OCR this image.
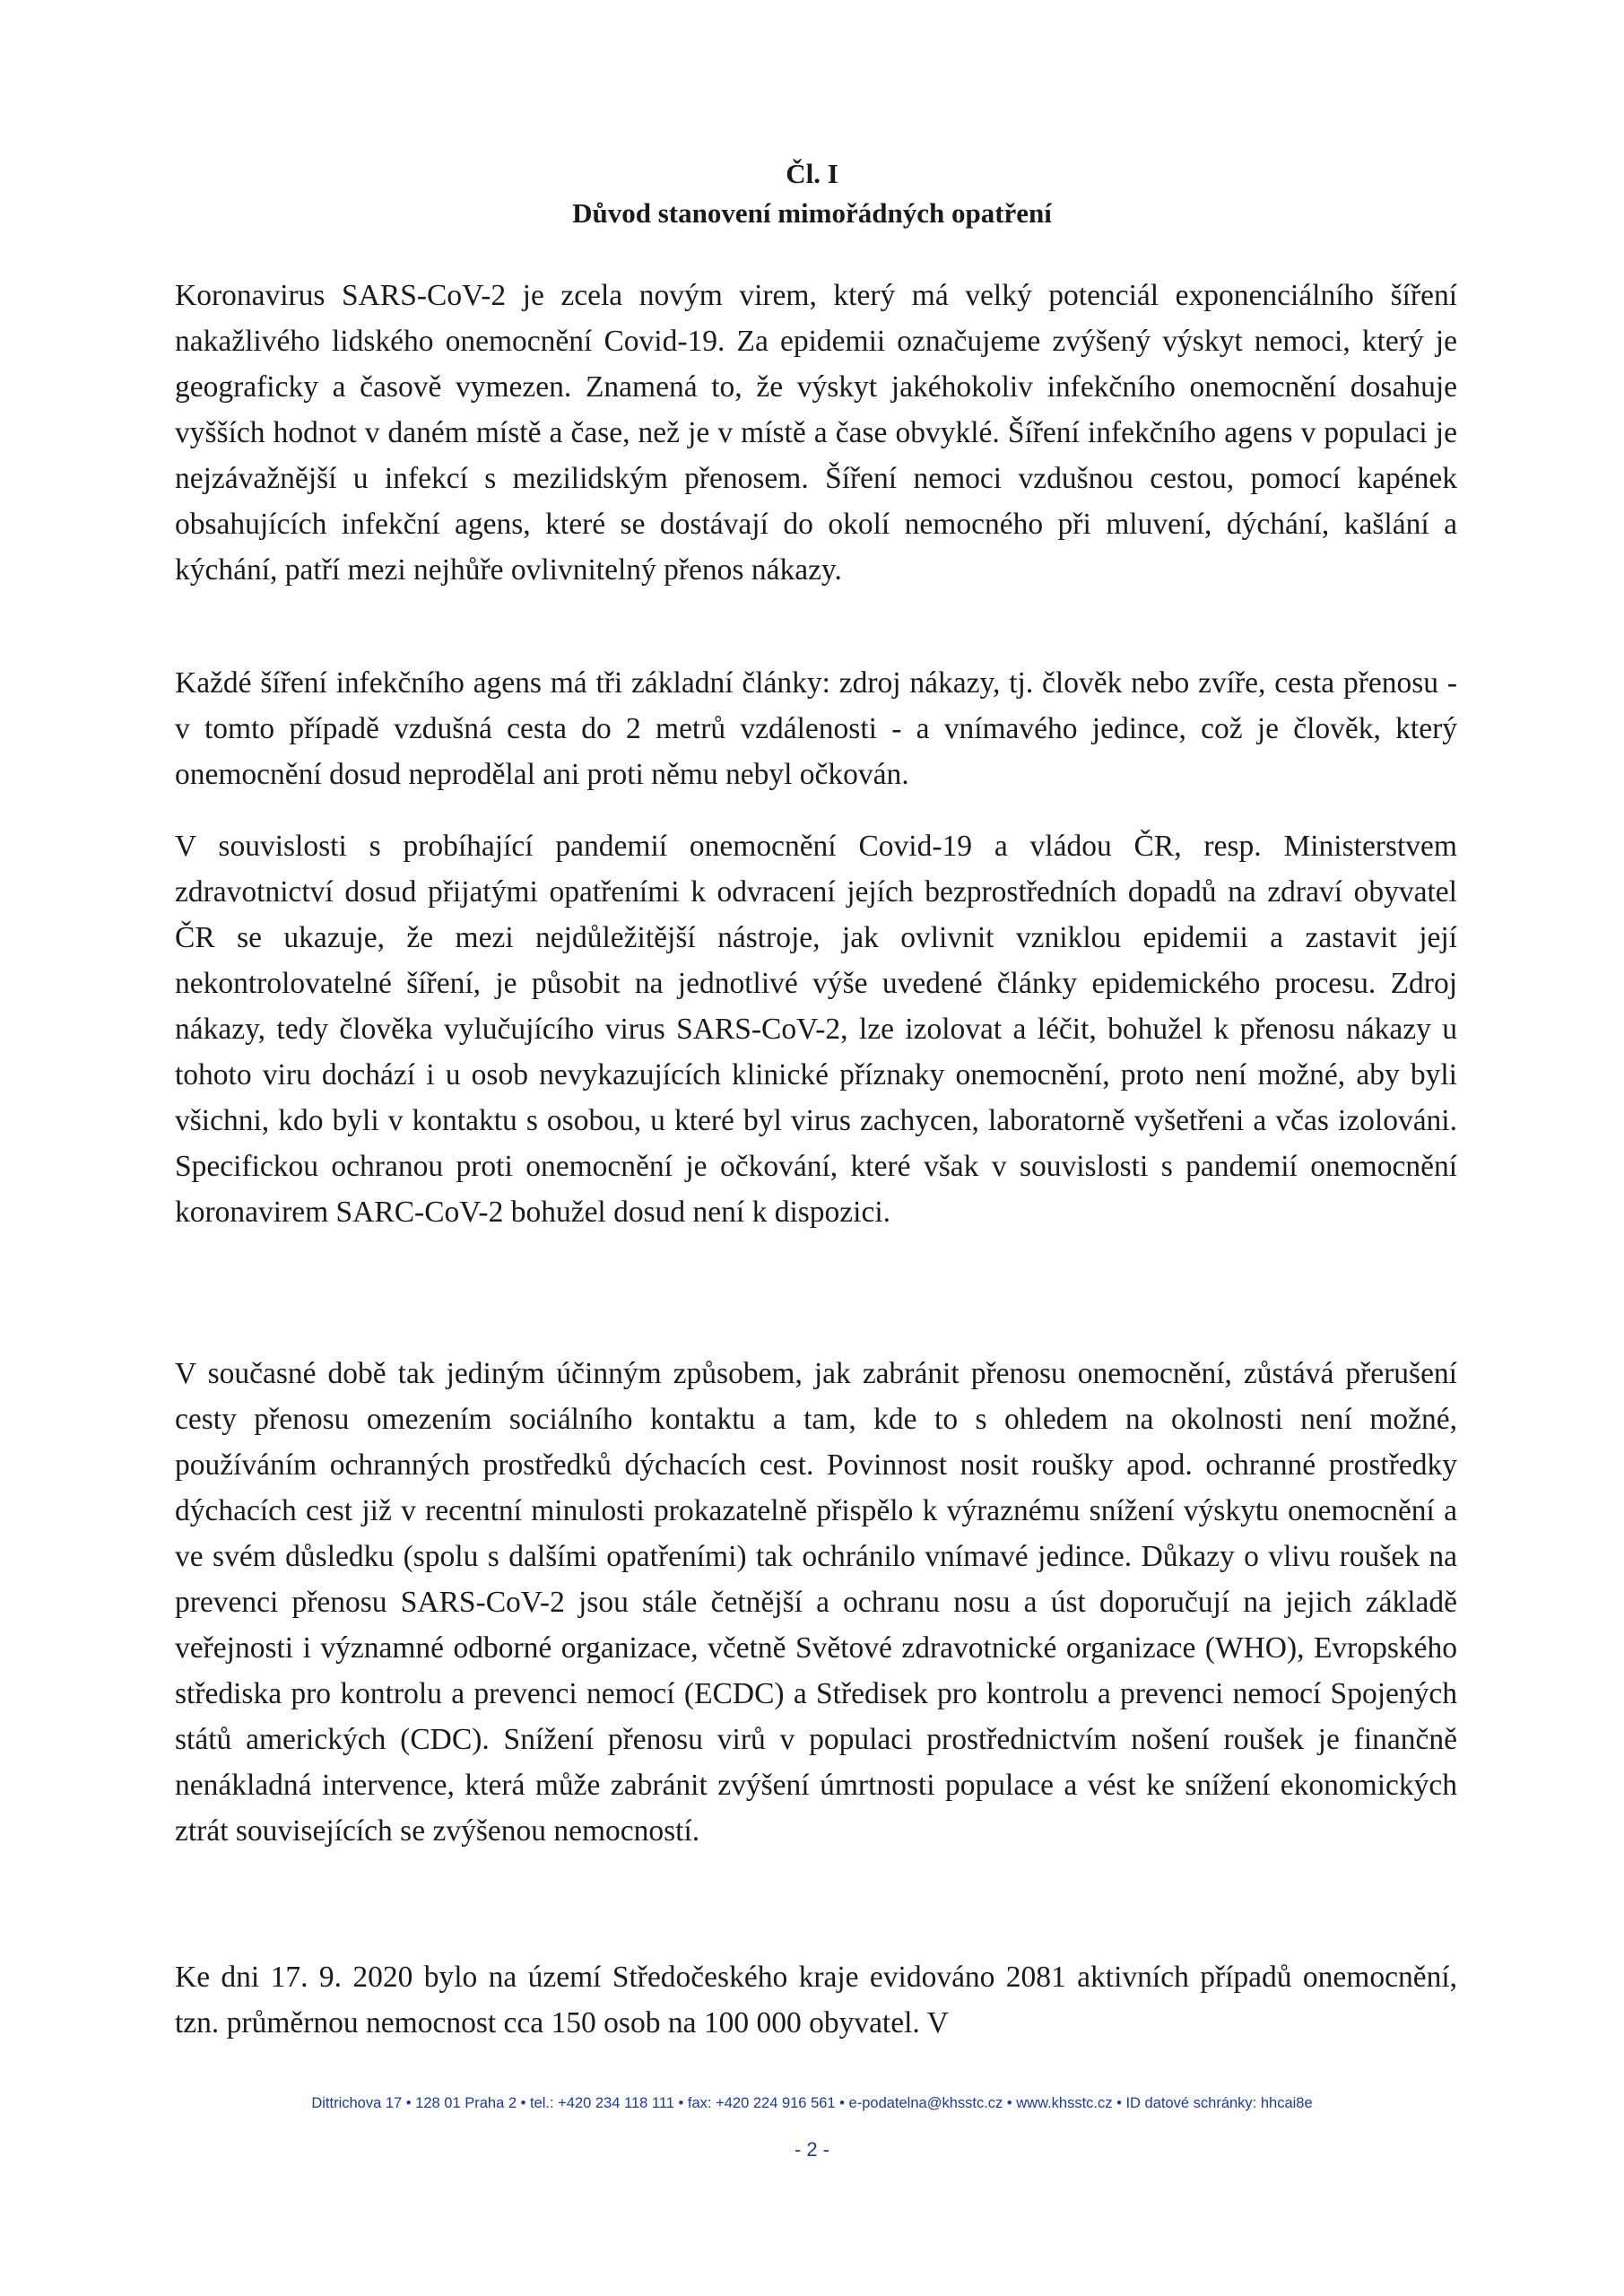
Čl. I
Důvod stanovení mimořádných opatření

Koronavirus SARS-CoV-2 je zcela novým virem, který má velký potenciál exponenciálního šíření nakažlivého lidského onemocnění Covid-19. Za epidemii označujeme zvýšený výskyt nemoci, který je geograficky a časově vymezen. Znamená to, že výskyt jakéhokoliv infekčního onemocnění dosahuje vyšších hodnot v daném místě a čase, než je v místě a čase obvyklé. Šíření infekčního agens v populaci je nejzávažnější u infekcí s mezilidským přenosem. Šíření nemoci vzdušnou cestou, pomocí kapének obsahujících infekční agens, které se dostávají do okolí nemocného při mluvení, dýchání, kašlání a kýchání, patří mezi nejhůře ovlivnitelný přenos nákazy.

Každé šíření infekčního agens má tři základní články: zdroj nákazy, tj. člověk nebo zvíře, cesta přenosu - v tomto případě vzdušná cesta do 2 metrů vzdálenosti - a vnímavého jedince, což je člověk, který onemocnění dosud neprodělal ani proti němu nebyl očkován.

V souvislosti s probíhající pandemií onemocnění Covid-19 a vládou ČR, resp. Ministerstvem zdravotnictví dosud přijatými opatřeními k odvracení jejích bezprostředních dopadů na zdraví obyvatel ČR se ukazuje, že mezi nejdůležitější nástroje, jak ovlivnit vzniklou epidemii a zastavit její nekontrolovatelné šíření, je působit na jednotlivé výše uvedené články epidemického procesu. Zdroj nákazy, tedy člověka vylučujícího virus SARS-CoV-2, lze izolovat a léčit, bohužel k přenosu nákazy u tohoto viru dochází i u osob nevykazujících klinické příznaky onemocnění, proto není možné, aby byli všichni, kdo byli v kontaktu s osobou, u které byl virus zachycen, laboratorně vyšetřeni a včas izolováni. Specifickou ochranou proti onemocnění je očkování, které však v souvislosti s pandemií onemocnění koronavirem SARC-CoV-2 bohužel dosud není k dispozici.

V současné době tak jediným účinným způsobem, jak zabránit přenosu onemocnění, zůstává přerušení cesty přenosu omezením sociálního kontaktu a tam, kde to s ohledem na okolnosti není možné, používáním ochranných prostředků dýchacích cest. Povinnost nosit roušky apod. ochranné prostředky dýchacích cest již v recentní minulosti prokazatelně přispělo k výraznému snížení výskytu onemocnění a ve svém důsledku (spolu s dalšími opatřeními) tak ochránilo vnímavé jedince. Důkazy o vlivu roušek na prevenci přenosu SARS-CoV-2 jsou stále četnější a ochranu nosu a úst doporučují na jejich základě veřejnosti i významné odborné organizace, včetně Světové zdravotnické organizace (WHO), Evropského střediska pro kontrolu a prevenci nemocí (ECDC) a Středisek pro kontrolu a prevenci nemocí Spojených států amerických (CDC). Snížení přenosu virů v populaci prostřednictvím nošení roušek je finančně nenákladná intervence, která může zabránit zvýšení úmrtnosti populace a vést ke snížení ekonomických ztrát souvisejících se zvýšenou nemocností.

Ke dni 17. 9. 2020 bylo na území Středočeského kraje evidováno 2081 aktivních případů onemocnění, tzn. průměrnou nemocnost cca 150 osob na 100 000 obyvatel. V

Dittrichova 17 • 128 01 Praha 2 • tel.: +420 234 118 111 • fax: +420 224 916 561 • e-podatelna@khsstc.cz • www.khsstc.cz • ID datové schránky: hhcai8e
- 2 -
